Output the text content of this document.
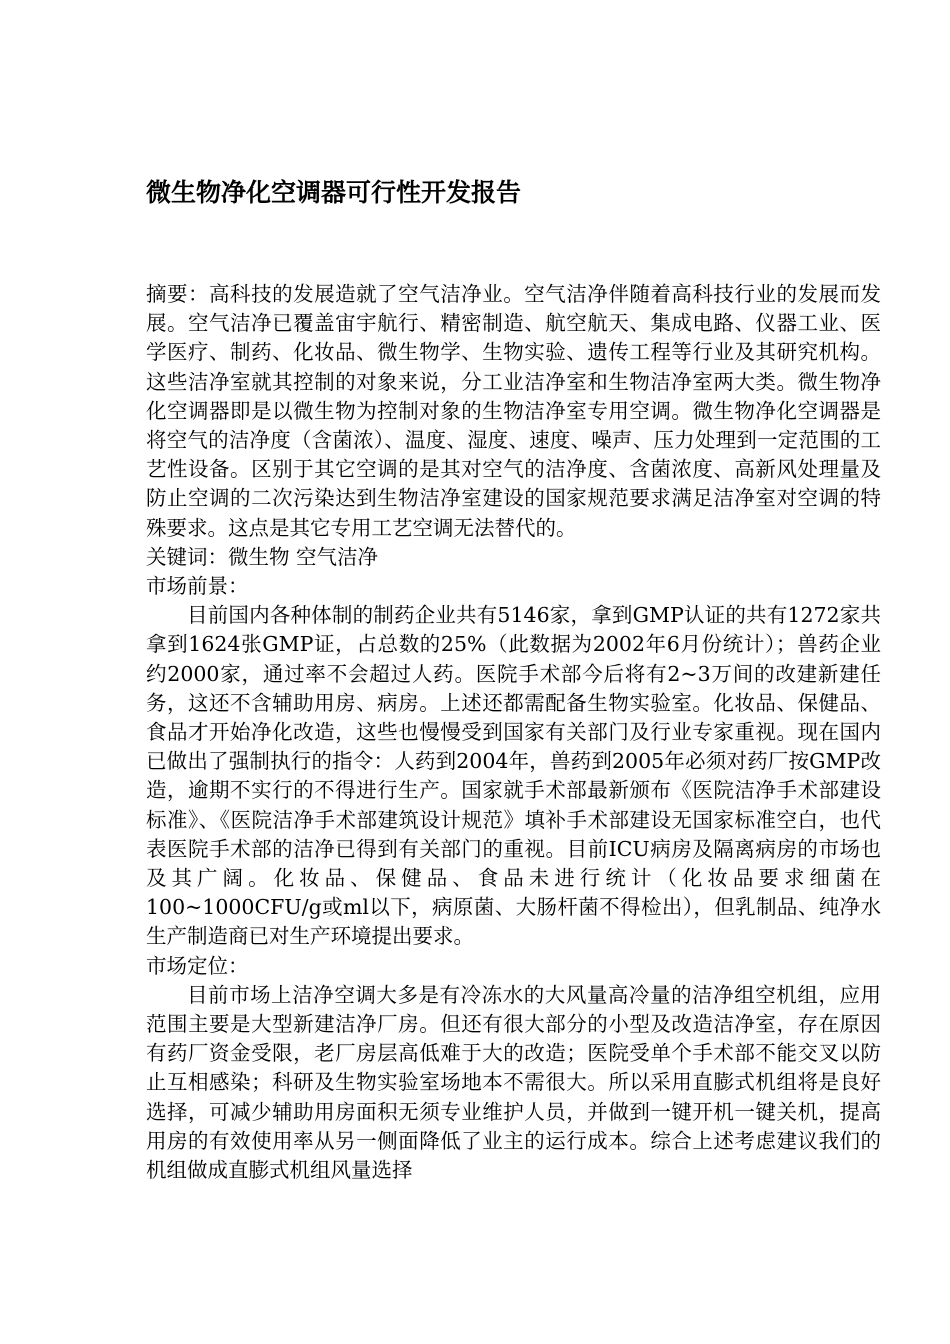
微生物净化空调器可行性开发报告

摘要：高科技的发展造就了空气洁净业。空气洁净伴随着高科技行业的发展而发展。空气洁净已覆盖宙宇航行、精密制造、航空航天、集成电路、仪器工业、医学医疗、制药、化妆品、微生物学、生物实验、遗传工程等行业及其研究机构。这些洁净室就其控制的对象来说，分工业洁净室和生物洁净室两大类。微生物净化空调器即是以微生物为控制对象的生物洁净室专用空调。微生物净化空调器是将空气的洁净度（含菌浓）、温度、湿度、速度、噪声、压力处理到一定范围的工艺性设备。区别于其它空调的是其对空气的洁净度、含菌浓度、高新风处理量及防止空调的二次污染达到生物洁净室建设的国家规范要求满足洁净室对空调的特殊要求。这点是其它专用工艺空调无法替代的。

关键词：微生物 空气洁净

市场前景：

目前国内各种体制的制药企业共有5146家，拿到GMP认证的共有1272家共拿到1624张GMP证，占总数的25%（此数据为2002年6月份统计）；兽药企业约2000家，通过率不会超过人药。医院手术部今后将有2~3万间的改建新建任务，这还不含辅助用房、病房。上述还都需配备生物实验室。化妆品、保健品、食品才开始净化改造，这些也慢慢受到国家有关部门及行业专家重视。现在国内已做出了强制执行的指令：人药到2004年，兽药到2005年必须对药厂按GMP改造，逾期不实行的不得进行生产。国家就手术部最新颁布《医院洁净手术部建设标准》、《医院洁净手术部建筑设计规范》填补手术部建设无国家标准空白，也代表医院手术部的洁净已得到有关部门的重视。目前ICU病房及隔离病房的市场也及其广阔。化妆品、保健品、食品未进行统计（化妆品要求细菌在100~1000CFU/g或ml以下，病原菌、大肠杆菌不得检出），但乳制品、纯净水生产制造商已对生产环境提出要求。

市场定位：

目前市场上洁净空调大多是有冷冻水的大风量高冷量的洁净组空机组，应用范围主要是大型新建洁净厂房。但还有很大部分的小型及改造洁净室，存在原因有药厂资金受限，老厂房层高低难于大的改造；医院受单个手术部不能交叉以防止互相感染；科研及生物实验室场地本不需很大。所以采用直膨式机组将是良好选择，可减少辅助用房面积无须专业维护人员，并做到一键开机一键关机，提高用房的有效使用率从另一侧面降低了业主的运行成本。综合上述考虑建议我们的机组做成直膨式机组风量选择
